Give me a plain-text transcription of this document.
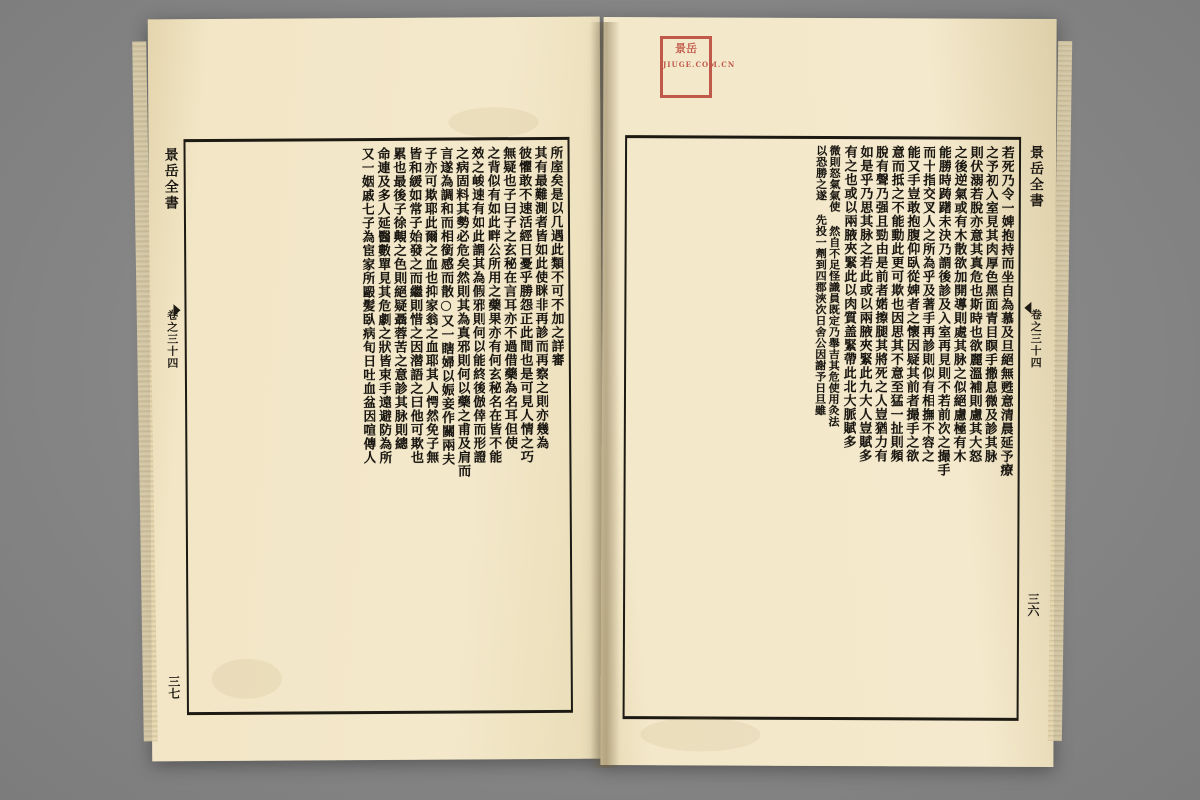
景岳全書
卷之三十四
三七
所庢矣是以几遇此類不可不加之詳審
其有最難測者皆如此使眯非再診而再察之則亦幾為
彼懼敢不速活經日憂乎勝怨正此間也是可見人情之巧
無疑也子曰子之玄秘在言耳亦不過借藥為名耳但使
之背似有如此畔公所用之藥果亦有何玄秘名在皆不能
效之峻速有如此謂其為假邪則何以能終後倣倖而形證
之病固料其勢必危矣然則其為真邪則何以藥之甫及肩而
言遂為調和而相銜感而散○又一瞎婦以娠妾作關兩夫
子亦可欺耶此爾之血也抑家翁之血耶其人愕然免子無
皆和緩如常子始發之而繼則惜之因潜語之曰他可欺也
累也最後子徐覥之色則絕疑聶蓉苦之意診其脉則總
命連及多人延醫數單見其危劇之狀皆束手遠避防為所
又一姻戚七子為宦家所毆髪臥病旬日吐血盆因喧傳人	景岳全書
卷之三十四
三六
若死乃令一婢抱持而坐自為慕及旦絕無甦意清晨延予療
之予初入室見其肉厚色黑面青目瞑手撒息微及診其脉
則伏溺若脫亦意其真危也斯時也欲麗溫補則慮其大怒
之後逆氣或有木散欲加開導則處其脉之似絕慮極有木
能勝時踌躇未決乃謂後診及入室再見則不若前次之撮手
而十指交叉人之所為乎及著手再診則似有相撫不容之
能又手豈敢抱腹仰臥從婢者之懷因疑其前者撮手之欲
意而抵之不能動此更可欺也因思其不意至猛一扯則頻
脫有聲乃强且勁由是前者婼擦腿其將死之人豈猶力有
如是乎乃思其脉之若此或以兩腋夾緊此九大人豈賦多
有之也或以兩腋夾緊此以肉質盖緊帶此北大脈賦多
微則怒氣氣使 然自不足怪識員既定乃舉吉其危使用灸法
以恐勝之遂 先投一劑到四郡浹次日舍公因謝予日旦雖
景岳
JIUGE.COM.CN
